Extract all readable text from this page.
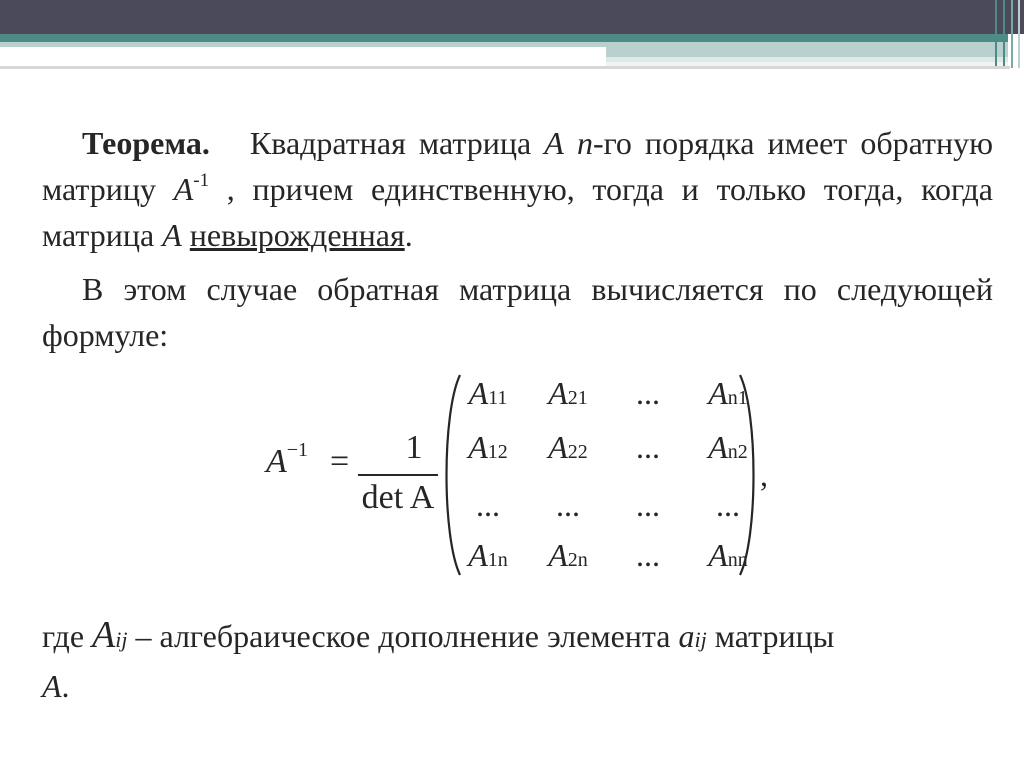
Теорема. Квадратная матрица A n-го порядка имеет обратную матрицу $A^{-1}$ , причем единственную, тогда и только тогда, когда матрица A невырожденная.
В этом случае обратная матрица вычисляется по следующей формуле:
$A^{-1}$ =	1
det A
A11	A21	...	An1
A12	A22	...	An2
...	...	...	...
A1n	A2n	...	Ann
,
где Aij – алгебраическое дополнение элемента aij матрицы
A.
